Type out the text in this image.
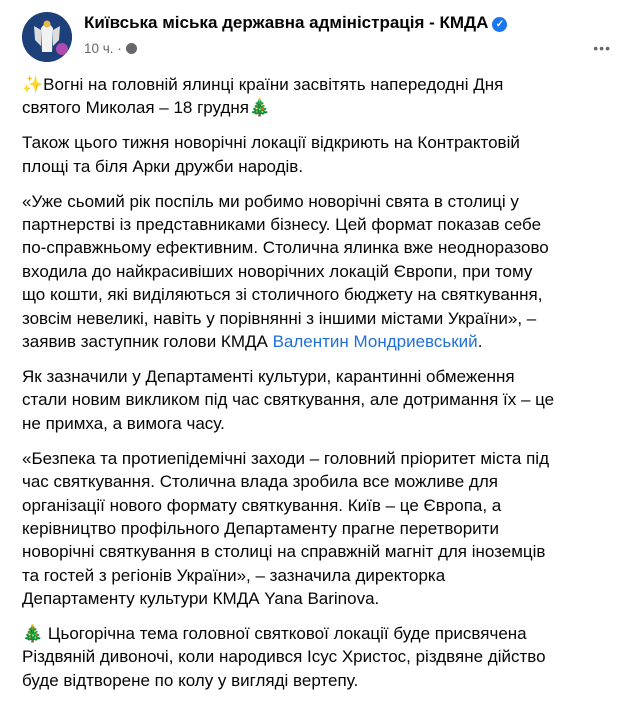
Київська міська державна адміністрація - КМДА ✓
10 ч. ·	•••

✨Вогні на головній ялинці країни засвітять напередодні Дня
святого Миколая – 18 грудня🎄

Також цього тижня новорічні локації відкриють на Контрактовій
площі та біля Арки дружби народів.

«Уже сьомий рік поспіль ми робимо новорічні свята в столиці у
партнерстві із представниками бізнесу. Цей формат показав себе
по-справжньому ефективним. Столична ялинка вже неодноразово
входила до найкрасивіших новорічних локацій Європи, при тому
що кошти, які виділяються зі столичного бюджету на святкування,
зовсім невеликі, навіть у порівнянні з іншими містами України», –
заявив заступник голови КМДА Валентин Мондриевський.

Як зазначили у Департаменті культури, карантинні обмеження
стали новим викликом під час святкування, але дотримання їх – це
не примха, а вимога часу.

«Безпека та протиепідемічні заходи – головний пріоритет міста під
час святкування. Столична влада зробила все можливе для
організації нового формату святкування. Київ – це Європа, а
керівництво профільного Департаменту прагне перетворити
новорічні святкування в столиці на справжній магніт для іноземців
та гостей з регіонів України», – зазначила директорка
Департаменту культури КМДА Yana Barinova.

🎄 Цьогорічна тема головної святкової локації буде присвячена
Різдвяній дивоночі, коли народився Ісус Христос, різдвяне дійство
буде відтворене по колу у вигляді вертепу.
